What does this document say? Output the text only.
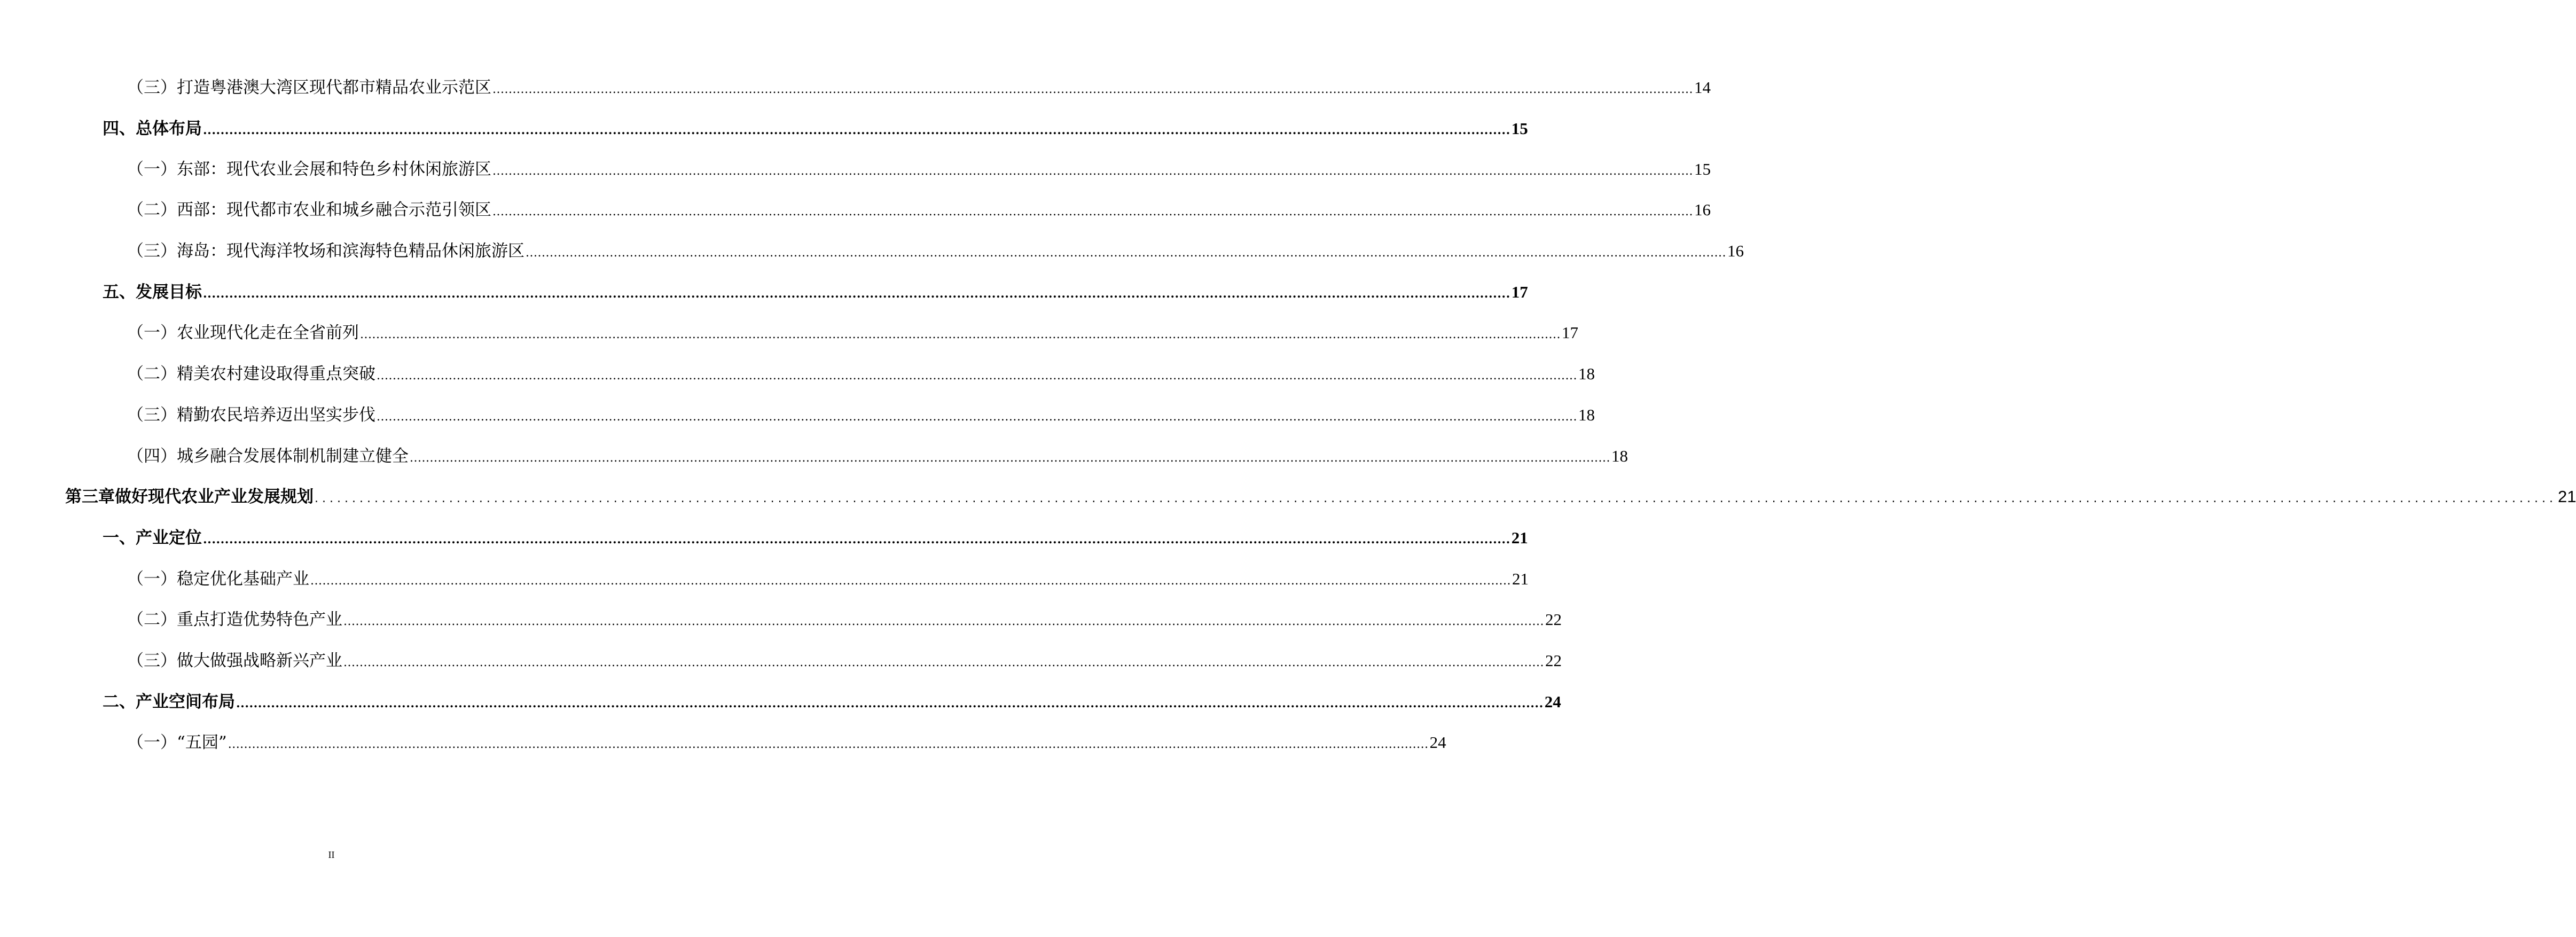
（三）打造粤港澳大湾区现代都市精品农业示范区 ............................................................................................................................................................................................................................................................................................................ 14
四、总体布局 ............................................................................................................................................................................................................................................................................................................ 15
（一）东部：现代农业会展和特色乡村休闲旅游区 ............................................................................................................................................................................................................................................................................................................ 15
（二）西部：现代都市农业和城乡融合示范引领区 ............................................................................................................................................................................................................................................................................................................ 16
（三）海岛：现代海洋牧场和滨海特色精品休闲旅游区 ............................................................................................................................................................................................................................................................................................................ 16
五、发展目标 ............................................................................................................................................................................................................................................................................................................ 17
（一）农业现代化走在全省前列 ............................................................................................................................................................................................................................................................................................................ 17
（二）精美农村建设取得重点突破 ............................................................................................................................................................................................................................................................................................................ 18
（三）精勤农民培养迈出坚实步伐 ............................................................................................................................................................................................................................................................................................................ 18
（四）城乡融合发展体制机制建立健全 ............................................................................................................................................................................................................................................................................................................ 18
第三章 做好现代农业产业发展规划 ............................................................................................................................................................................................................................................................................................................ 21
一、产业定位 ............................................................................................................................................................................................................................................................................................................ 21
（一）稳定优化基础产业 ............................................................................................................................................................................................................................................................................................................ 21
（二）重点打造优势特色产业 ............................................................................................................................................................................................................................................................................................................ 22
（三）做大做强战略新兴产业 ............................................................................................................................................................................................................................................................................................................ 22
二、产业空间布局 ............................................................................................................................................................................................................................................................................................................ 24
（一）“五园” ............................................................................................................................................................................................................................................................................................................ 24
II
